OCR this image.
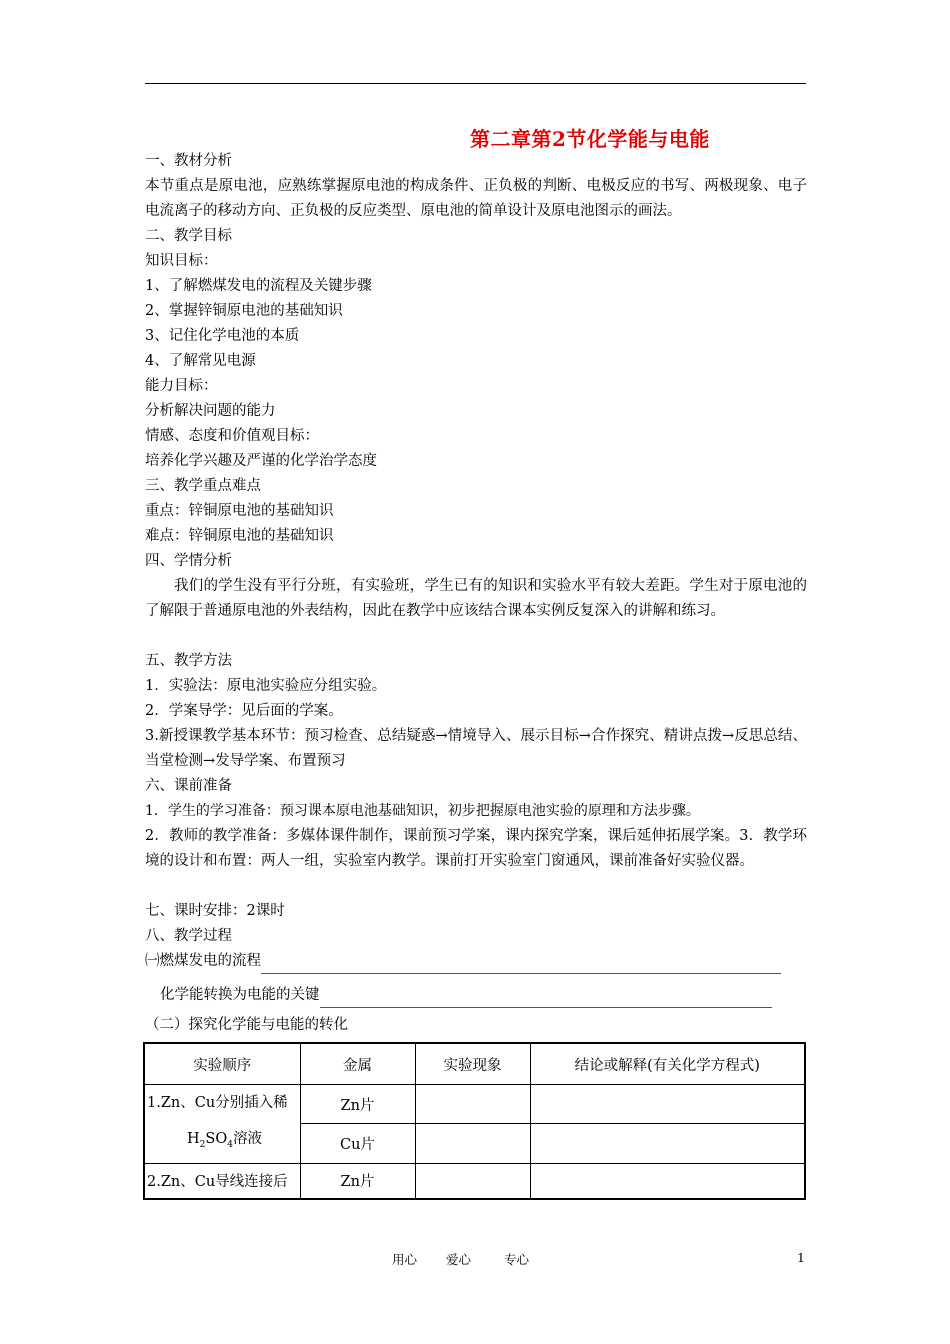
第二章第2节化学能与电能
一、教材分析
本节重点是原电池，应熟练掌握原电池的构成条件、正负极的判断、电极反应的书写、两极现象、电子电流离子的移动方向、正负极的反应类型、原电池的简单设计及原电池图示的画法。
二、教学目标
知识目标：
1、了解燃煤发电的流程及关键步骤
2、掌握锌铜原电池的基础知识
3、记住化学电池的本质
4、了解常见电源
能力目标：
分析解决问题的能力
情感、态度和价值观目标：
培养化学兴趣及严谨的化学治学态度
三、教学重点难点
重点：锌铜原电池的基础知识
难点：锌铜原电池的基础知识
四、学情分析
我们的学生没有平行分班，有实验班，学生已有的知识和实验水平有较大差距。学生对于原电池的了解限于普通原电池的外表结构，因此在教学中应该结合课本实例反复深入的讲解和练习。
五、教学方法
1．实验法：原电池实验应分组实验。
2．学案导学：见后面的学案。
3.新授课教学基本环节：预习检查、总结疑惑→情境导入、展示目标→合作探究、精讲点拨→反思总结、当堂检测→发导学案、布置预习
六、课前准备
1．学生的学习准备：预习课本原电池基础知识，初步把握原电池实验的原理和方法步骤。
2．教师的教学准备：多媒体课件制作，课前预习学案，课内探究学案，课后延伸拓展学案。3．教学环境的设计和布置：两人一组，实验室内教学。课前打开实验室门窗通风，课前准备好实验仪器。
七、课时安排：2课时
八、教学过程
㈠燃煤发电的流程
化学能转换为电能的关键
（二）探究化学能与电能的转化
实验顺序	金属	实验现象	结论或解释(有关化学方程式)
1.Zn、Cu分别插入稀
$H_2SO_4$溶液	Zn片		
	Cu片		
2.Zn、Cu导线连接后	Zn片		
用心 爱心	专心	1
